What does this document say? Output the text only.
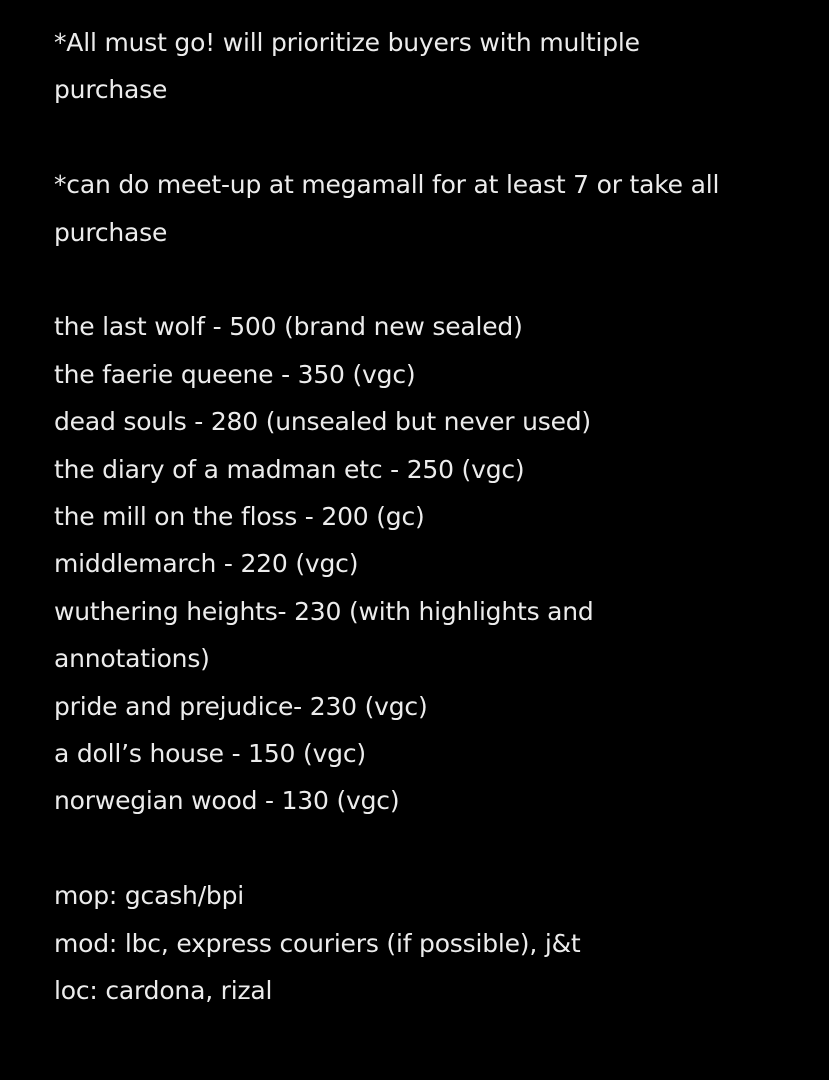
*All must go! will prioritize buyers with multiple
purchase
*can do meet-up at megamall for at least 7 or take all
purchase
the last wolf - 500 (brand new sealed)
the faerie queene - 350 (vgc)
dead souls - 280 (unsealed but never used)
the diary of a madman etc - 250 (vgc)
the mill on the floss - 200 (gc)
middlemarch - 220 (vgc)
wuthering heights- 230 (with highlights and
annotations)
pride and prejudice- 230 (vgc)
a doll’s house - 150 (vgc)
norwegian wood - 130 (vgc)
mop: gcash/bpi
mod: lbc, express couriers (if possible), j&t
loc: cardona, rizal
